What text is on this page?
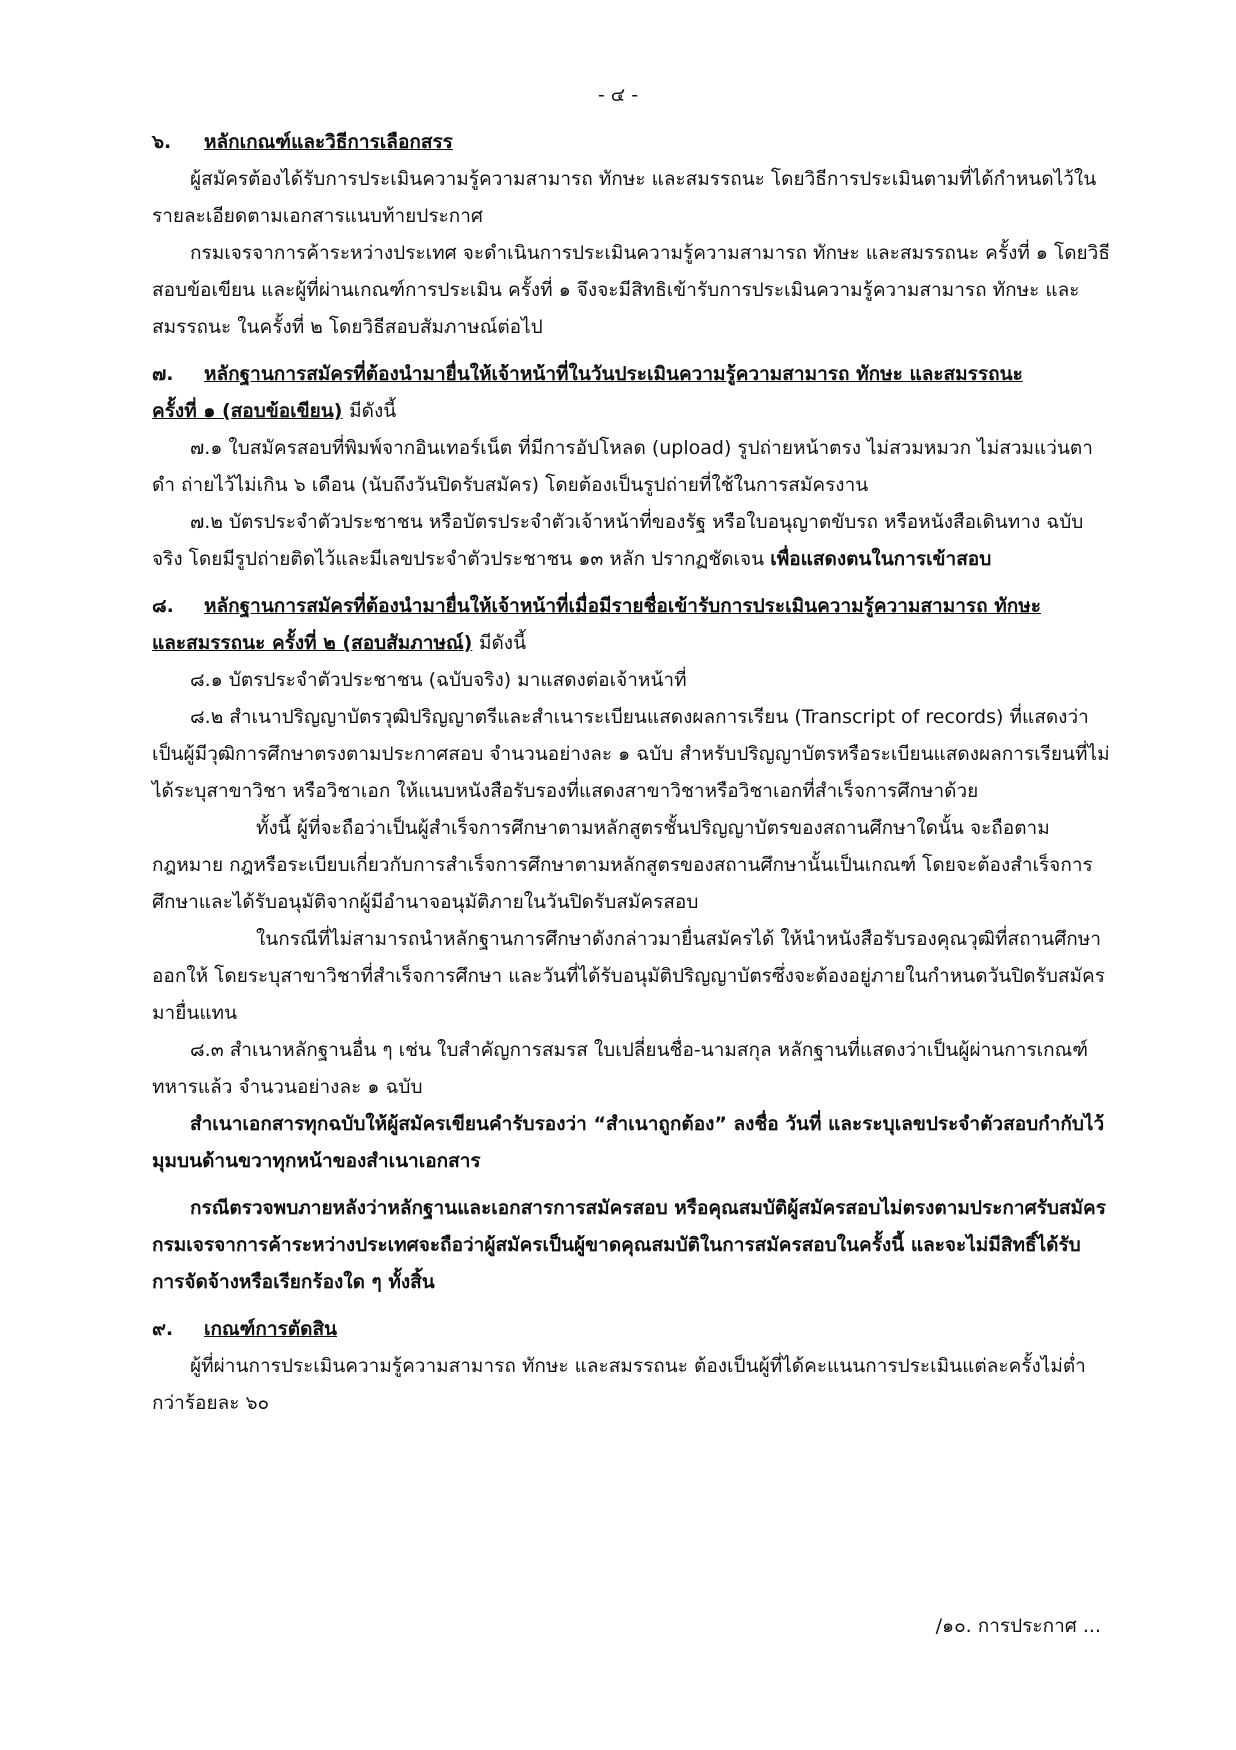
- ๔ -

๖. หลักเกณฑ์และวิธีการเลือกสรร

ผู้สมัครต้องได้รับการประเมินความรู้ความสามารถ ทักษะ และสมรรถนะ โดยวิธีการประเมินตามที่ได้กำหนดไว้ในรายละเอียดตามเอกสารแนบท้ายประกาศ

กรมเจรจาการค้าระหว่างประเทศ จะดำเนินการประเมินความรู้ความสามารถ ทักษะ และสมรรถนะ ครั้งที่ ๑ โดยวิธีสอบข้อเขียน และผู้ที่ผ่านเกณฑ์การประเมิน ครั้งที่ ๑ จึงจะมีสิทธิเข้ารับการประเมินความรู้ความสามารถ ทักษะ และสมรรถนะ ในครั้งที่ ๒ โดยวิธีสอบสัมภาษณ์ต่อไป

๗. หลักฐานการสมัครที่ต้องนำมายื่นให้เจ้าหน้าที่ในวันประเมินความรู้ความสามารถ ทักษะ และสมรรถนะ

ครั้งที่ ๑ (สอบข้อเขียน) มีดังนี้

๗.๑ ใบสมัครสอบที่พิมพ์จากอินเทอร์เน็ต ที่มีการอัปโหลด (upload) รูปถ่ายหน้าตรง ไม่สวมหมวก ไม่สวมแว่นตาดำ ถ่ายไว้ไม่เกิน ๖ เดือน (นับถึงวันปิดรับสมัคร) โดยต้องเป็นรูปถ่ายที่ใช้ในการสมัครงาน

๗.๒ บัตรประจำตัวประชาชน หรือบัตรประจำตัวเจ้าหน้าที่ของรัฐ หรือใบอนุญาตขับรถ หรือหนังสือเดินทาง ฉบับจริง โดยมีรูปถ่ายติดไว้และมีเลขประจำตัวประชาชน ๑๓ หลัก ปรากฏชัดเจน เพื่อแสดงตนในการเข้าสอบ

๘. หลักฐานการสมัครที่ต้องนำมายื่นให้เจ้าหน้าที่เมื่อมีรายชื่อเข้ารับการประเมินความรู้ความสามารถ ทักษะ

และสมรรถนะ ครั้งที่ ๒ (สอบสัมภาษณ์) มีดังนี้

๘.๑ บัตรประจำตัวประชาชน (ฉบับจริง) มาแสดงต่อเจ้าหน้าที่

๘.๒ สำเนาปริญญาบัตรวุฒิปริญญาตรีและสำเนาระเบียนแสดงผลการเรียน (Transcript of records) ที่แสดงว่าเป็นผู้มีวุฒิการศึกษาตรงตามประกาศสอบ จำนวนอย่างละ ๑ ฉบับ สำหรับปริญญาบัตรหรือระเบียนแสดงผลการเรียนที่ไม่ได้ระบุสาขาวิชา หรือวิชาเอก ให้แนบหนังสือรับรองที่แสดงสาขาวิชาหรือวิชาเอกที่สำเร็จการศึกษาด้วย

ทั้งนี้ ผู้ที่จะถือว่าเป็นผู้สำเร็จการศึกษาตามหลักสูตรชั้นปริญญาบัตรของสถานศึกษาใดนั้น จะถือตามกฎหมาย กฎหรือระเบียบเกี่ยวกับการสำเร็จการศึกษาตามหลักสูตรของสถานศึกษานั้นเป็นเกณฑ์ โดยจะต้องสำเร็จการศึกษาและได้รับอนุมัติจากผู้มีอำนาจอนุมัติภายในวันปิดรับสมัครสอบ

ในกรณีที่ไม่สามารถนำหลักฐานการศึกษาดังกล่าวมายื่นสมัครได้ ให้นำหนังสือรับรองคุณวุฒิที่สถานศึกษาออกให้ โดยระบุสาขาวิชาที่สำเร็จการศึกษา และวันที่ได้รับอนุมัติปริญญาบัตรซึ่งจะต้องอยู่ภายในกำหนดวันปิดรับสมัครมายื่นแทน

๘.๓ สำเนาหลักฐานอื่น ๆ เช่น ใบสำคัญการสมรส ใบเปลี่ยนชื่อ-นามสกุล หลักฐานที่แสดงว่าเป็นผู้ผ่านการเกณฑ์ทหารแล้ว จำนวนอย่างละ ๑ ฉบับ

สำเนาเอกสารทุกฉบับให้ผู้สมัครเขียนคำรับรองว่า “สำเนาถูกต้อง” ลงชื่อ วันที่ และระบุเลขประจำตัวสอบกำกับไว้มุมบนด้านขวาทุกหน้าของสำเนาเอกสาร

กรณีตรวจพบภายหลังว่าหลักฐานและเอกสารการสมัครสอบ หรือคุณสมบัติผู้สมัครสอบไม่ตรงตามประกาศรับสมัคร กรมเจรจาการค้าระหว่างประเทศจะถือว่าผู้สมัครเป็นผู้ขาดคุณสมบัติในการสมัครสอบในครั้งนี้ และจะไม่มีสิทธิ์ได้รับการจัดจ้างหรือเรียกร้องใด ๆ ทั้งสิ้น

๙. เกณฑ์การตัดสิน

ผู้ที่ผ่านการประเมินความรู้ความสามารถ ทักษะ และสมรรถนะ ต้องเป็นผู้ที่ได้คะแนนการประเมินแต่ละครั้งไม่ต่ำกว่าร้อยละ ๖๐

/๑๐. การประกาศ ...
